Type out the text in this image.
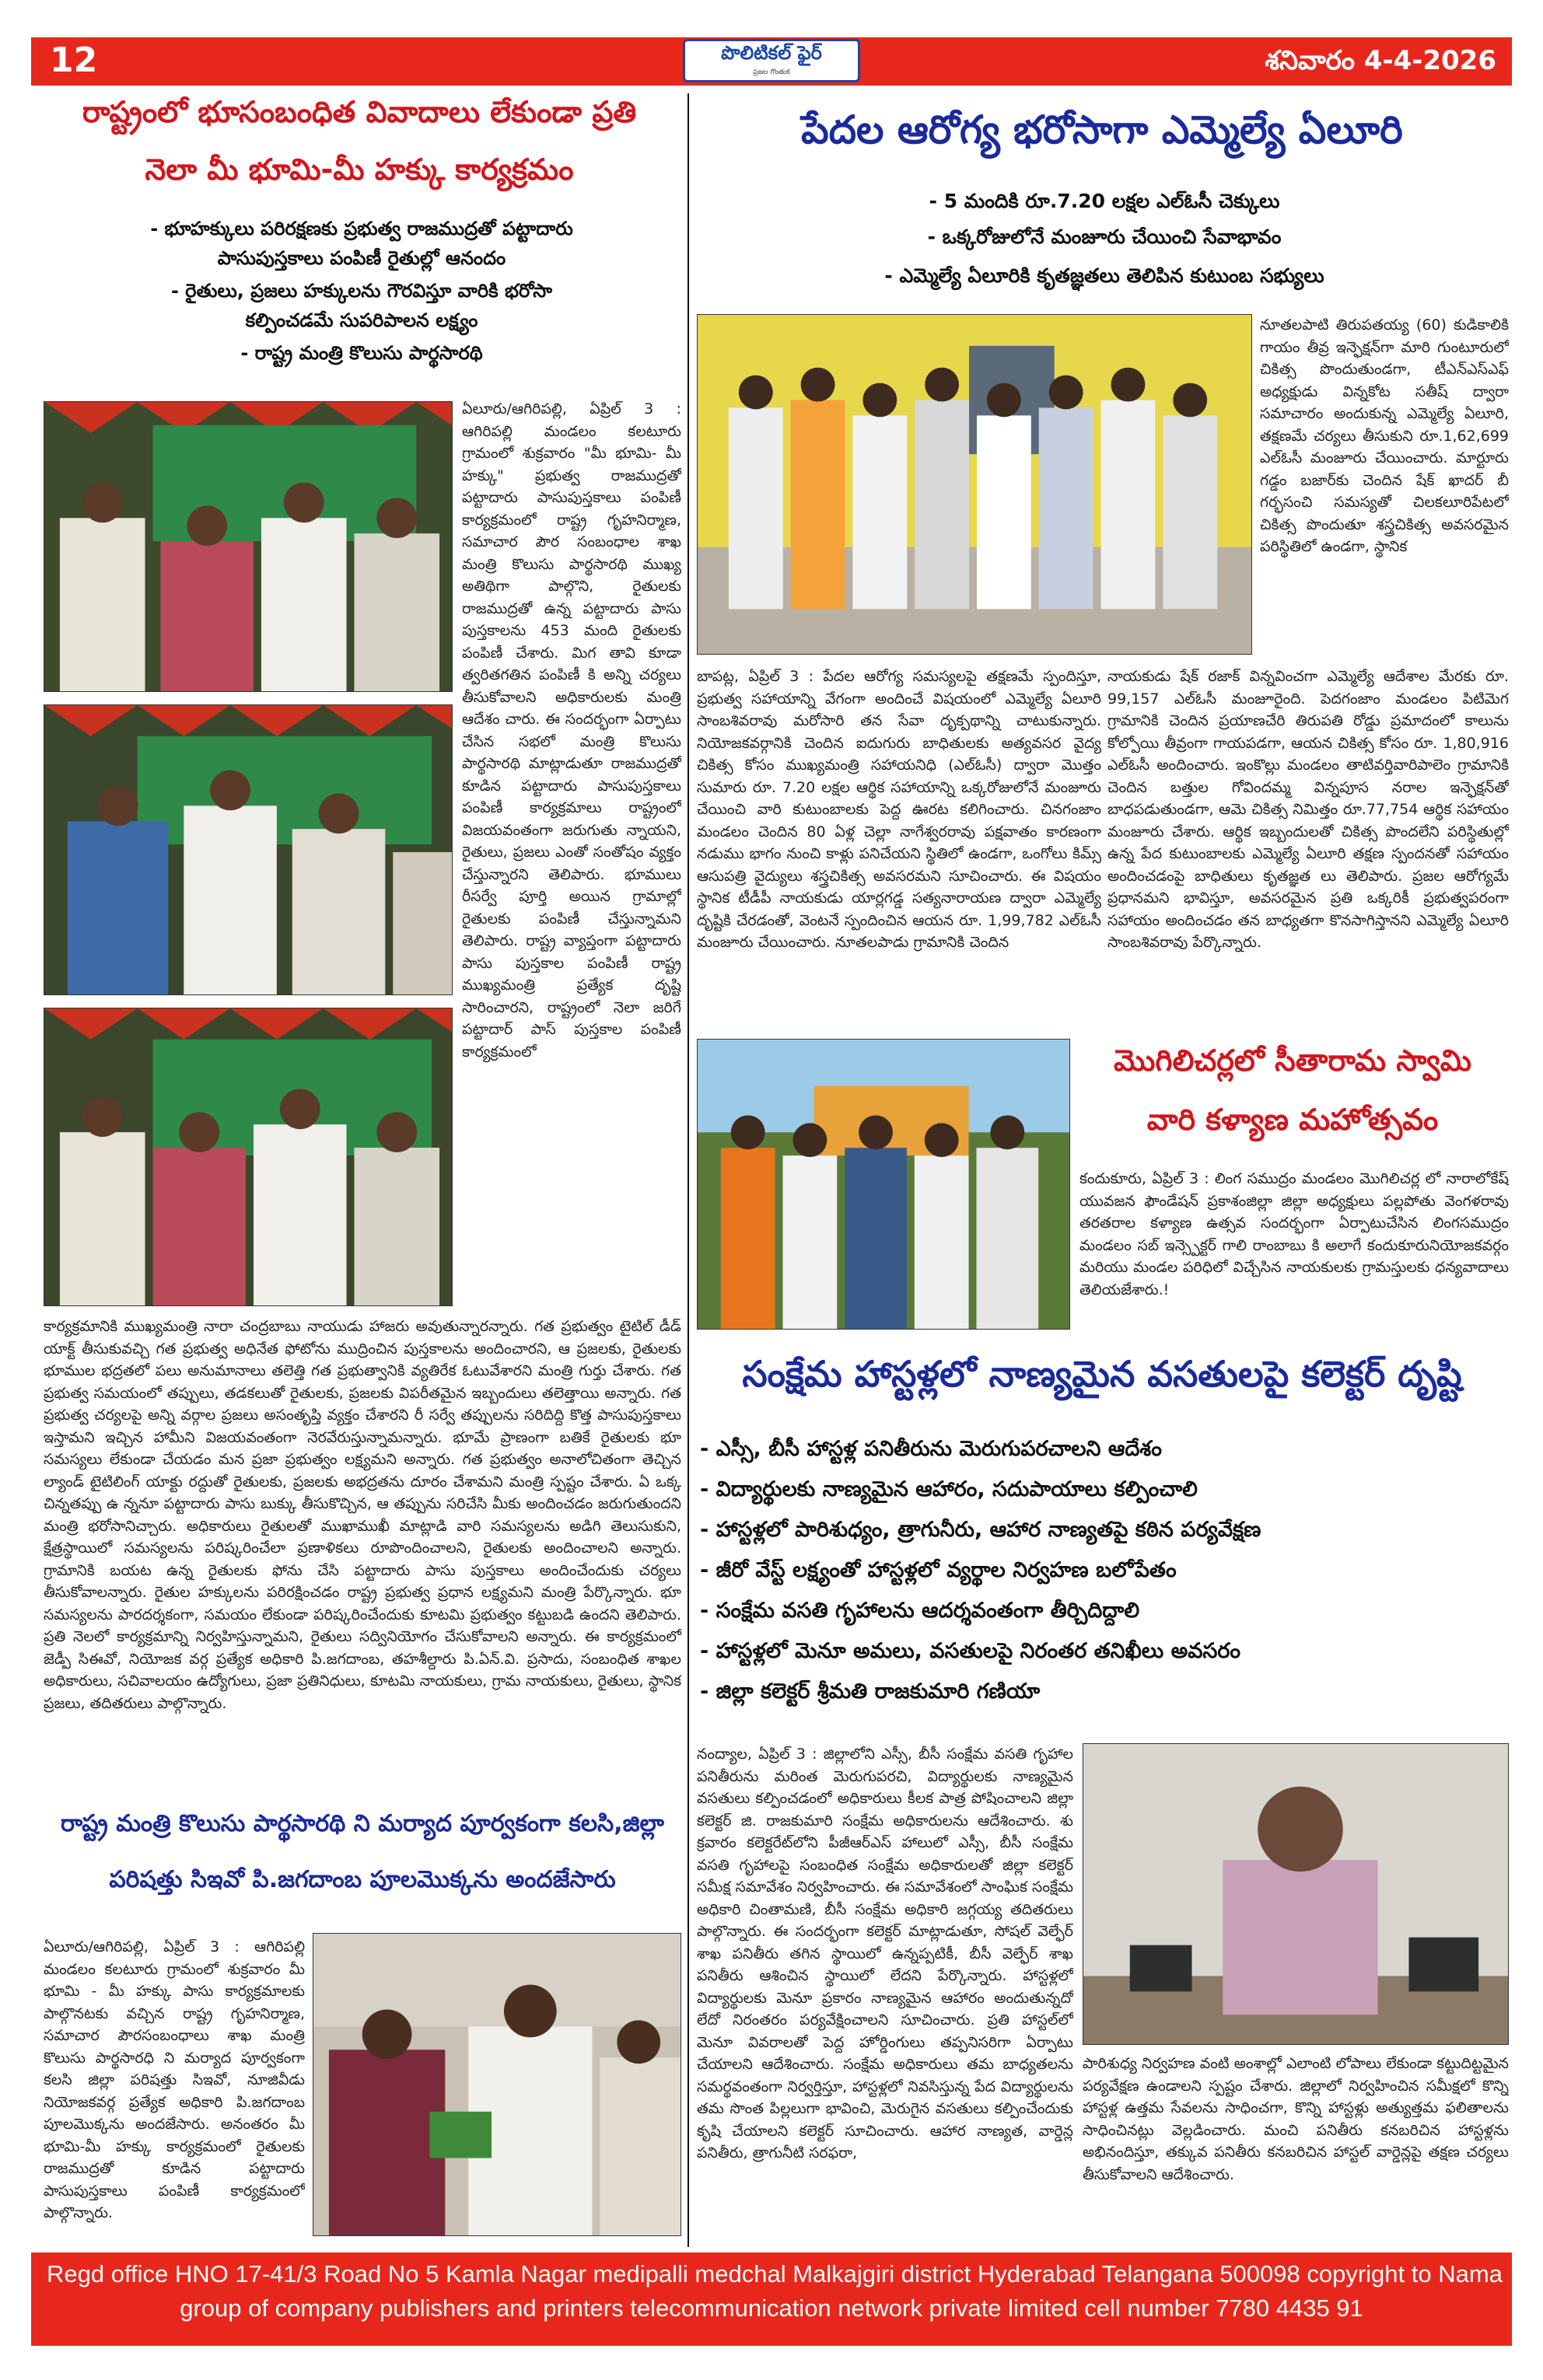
12	పొలిటికల్ ఫైర్
ప్రజల గొంతుక	శనివారం 4-4-2026
రాష్ట్రంలో భూసంబంధిత వివాదాలు లేకుండా ప్రతి
నెలా మీ భూమి-మీ హక్కు కార్యక్రమం
- భూహక్కులు పరిరక్షణకు ప్రభుత్వ రాజముద్రతో పట్టాదారు
పాసుపుస్తకాలు పంపిణీ రైతుల్లో ఆనందం
- రైతులు, ప్రజలు హక్కులను గౌరవిస్తూ వారికి భరోసా
కల్పించడమే సుపరిపాలన లక్ష్యం
- రాష్ట్ర మంత్రి కొలుసు పార్థసారథి
ఏలూరు/ఆగిరిపల్లి, ఏప్రిల్ 3 : ఆగిరిపల్లి మండలం కలటూరు గ్రామంలో శుక్రవారం "మీ భూమి- మీ హక్కు" ప్రభుత్వ రాజముద్రతో పట్టాదారు పాసుపుస్తకాలు పంపిణీ కార్యక్రమంలో రాష్ట్ర గృహనిర్మాణ, సమాచార పౌర సంబంధాల శాఖ మంత్రి కొలుసు పార్థసారథి ముఖ్య అతిథిగా పాల్గొని, రైతులకు రాజముద్రతో ఉన్న పట్టాదారు పాసు పుస్తకాలను 453 మంది రైతులకు పంపిణీ చేశారు. మిగ తావి కూడా త్వరితగతిన పంపిణీ కి అన్ని చర్యలు తీసుకోవాలని అధికారులకు మంత్రి ఆదేశం చారు. ఈ సందర్భంగా ఏర్పాటు చేసిన సభలో మంత్రి కొలుసు పార్థసారథి మాట్లాడుతూ రాజముద్రతో కూడిన పట్టాదారు పాసుపుస్తకాలు పంపిణీ కార్యక్రమాలు రాష్ట్రంలో విజయవంతంగా జరుగుతు న్నాయని, రైతులు, ప్రజలు ఎంతో సంతోషం వ్యక్తం చేస్తున్నారని తెలిపారు. భూములు రీసర్వే పూర్తి అయిన గ్రామాల్లో రైతులకు పంపిణీ చేస్తున్నామని తెలిపారు. రాష్ట్ర వ్యాప్తంగా పట్టాదారు పాసు పుస్తకాల పంపిణీ రాష్ట్ర ముఖ్యమంత్రి ప్రత్యేక దృష్టి సారించారని, రాష్ట్రంలో నెలా జరిగే పట్టాదార్ పాస్ పుస్తకాల పంపిణీ కార్యక్రమంలో
కార్యక్రమానికి ముఖ్యమంత్రి నారా చంద్రబాబు నాయుడు హాజరు అవుతున్నారన్నారు. గత ప్రభుత్వం టైటిల్ డీడ్ యాక్ట్ తీసుకువచ్చి గత ప్రభుత్వ అధినేత ఫోటోను ముద్రించిన పుస్తకాలను అందించారని, ఆ ప్రజలకు, రైతులకు భూముల భద్రతలో పలు అనుమానాలు తలెత్తి గత ప్రభుత్వానికి వ్యతిరేక ఓటువేశారని మంత్రి గుర్తు చేశారు. గత ప్రభుత్వ సమయంలో తప్పులు, తడకలుతో రైతులకు, ప్రజలకు విపరీతమైన ఇబ్బందులు తలెత్తాయి అన్నారు. గత ప్రభుత్వ చర్యలపై అన్ని వర్గాల ప్రజలు అసంతృప్తి వ్యక్తం చేశారని రీ సర్వే తప్పులను సరిదిద్ది కొత్త పాసుపుస్తకాలు ఇస్తామని ఇచ్చిన హామీని విజయవంతంగా నెరవేరుస్తున్నామన్నారు. భూమే ప్రాణంగా బతికే రైతులకు భూ సమస్యలు లేకుండా చేయడం మన ప్రజా ప్రభుత్వం లక్ష్యమని అన్నారు. గత ప్రభుత్వం అనాలోచితంగా తెచ్చిన ల్యాండ్ టైటిలింగ్ యాక్టు రద్దుతో రైతులకు, ప్రజలకు అభద్రతను దూరం చేశామని మంత్రి స్పష్టం చేశారు. ఏ ఒక్క చిన్నతప్పు ఉ న్ననూ పట్టాదారు పాసు బుక్కు తీసుకొచ్చిన, ఆ తప్పును సరిచేసి మీకు అందించడం జరుగుతుందని మంత్రి భరోసానిచ్చారు. అధికారులు రైతులతో ముఖాముఖీ మాట్లాడి వారి సమస్యలను అడిగి తెలుసుకుని, క్షేత్రస్థాయిలో సమస్యలను పరిష్కరించేలా ప్రణాళికలు రూపొందించాలని, రైతులకు అందించాలని అన్నారు. గ్రామానికి బయట ఉన్న రైతులకు ఫోను చేసి పట్టాదారు పాసు పుస్తకాలు అందించేందుకు చర్యలు తీసుకోవాలన్నారు. రైతుల హక్కులను పరిరక్షించడం రాష్ట్ర ప్రభుత్వ ప్రధాన లక్ష్యమని మంత్రి పేర్కొన్నారు. భూ సమస్యలను పారదర్శకంగా, సమయం లేకుండా పరిష్కరించేందుకు కూటమి ప్రభుత్వం కట్టుబడి ఉందని తెలిపారు. ప్రతి నెలలో కార్యక్రమాన్ని నిర్వహిస్తున్నామని, రైతులు సద్వినియోగం చేసుకోవాలని అన్నారు. ఈ కార్యక్రమంలో జెడ్పీ సిఈవో, నియోజక వర్గ ప్రత్యేక అధికారి పి.జగదాంబ, తహశీల్దారు పి.ఏన్.వి. ప్రసాదు, సంబంధిత శాఖల అధికారులు, సచివాలయం ఉద్యోగులు, ప్రజా ప్రతినిధులు, కూటమి నాయకులు, గ్రామ నాయకులు, రైతులు, స్థానిక ప్రజలు, తదితరులు పాల్గొన్నారు.
రాష్ట్ర మంత్రి కొలుసు పార్థసారథి ని మర్యాద పూర్వకంగా కలసి,జిల్లా
పరిషత్తు సిఇవో పి.జగదాంబ పూలమొక్కను అందజేసారు
ఏలూరు/ఆగిరిపల్లి, ఏప్రిల్ 3 : ఆగిరిపల్లి మండలం కలటూరు గ్రామంలో శుక్రవారం మీ భూమి - మీ హక్కు పాసు కార్యక్రమాలకు పాల్గొనటకు వచ్చిన రాష్ట్ర గృహనిర్మాణ, సమాచార పౌరసంబంధాలు శాఖ మంత్రి కొలుసు పార్థసారధి ని మర్యాద పూర్వకంగా కలసి జిల్లా పరిషత్తు సిఇవో, నూజివీడు నియోజకవర్గ ప్రత్యేక అధికారి పి.జగదాంబ పూలమొక్కను అందజేసారు. అనంతరం మీ భూమి-మీ హక్కు కార్యక్రమంలో రైతులకు రాజముద్రతో కూడిన పట్టాదారు పాసుపుస్తకాలు పంపిణీ కార్యక్రమంలో పాల్గొన్నారు.
పేదల ఆరోగ్య భరోసాగా ఎమ్మెల్యే ఏలూరి
- 5 మందికి రూ.7.20 లక్షల ఎల్ఓసీ చెక్కులు
- ఒక్కరోజులోనే మంజూరు చేయించి సేవాభావం
- ఎమ్మెల్యే ఏలూరికి కృతజ్ఞతలు తెలిపిన కుటుంబ సభ్యులు
నూతలపాటి తిరుపతయ్య (60) కుడికాలికి గాయం తీవ్ర ఇన్ఫెక్షన్‌గా మారి గుంటూరులో చికిత్స పొందుతుండగా, టీఎన్ఎస్ఎఫ్ అధ్యక్షుడు విన్నకోట సతీష్ ద్వారా సమాచారం అందుకున్న ఎమ్మెల్యే ఏలూరి, తక్షణమే చర్యలు తీసుకుని రూ.1,62,699 ఎల్ఓసీ మంజూరు చేయించారు. మార్టూరు గడ్డం బజార్‌కు చెందిన షేక్ ఖాదర్ బీ గర్భసంచి సమస్యతో చిలకలూరిపేటలో చికిత్స పొందుతూ శస్త్రచికిత్స అవసరమైన పరిస్థితిలో ఉండగా, స్థానిక
బాపట్ల, ఏప్రిల్ 3 : పేదల ఆరోగ్య సమస్యలపై తక్షణమే స్పందిస్తూ, ప్రభుత్వ సహాయాన్ని వేగంగా అందించే విషయంలో ఎమ్మెల్యే ఏలూరి సాంబశివరావు మరోసారి తన సేవా దృక్పథాన్ని చాటుకున్నారు. నియోజకవర్గానికి చెందిన ఐదుగురు బాధితులకు అత్యవసర వైద్య చికిత్స కోసం ముఖ్యమంత్రి సహాయనిధి (ఎల్ఓసీ) ద్వారా మొత్తం సుమారు రూ. 7.20 లక్షల ఆర్థిక సహాయాన్ని ఒక్కరోజులోనే మంజూరు చేయించి వారి కుటుంబాలకు పెద్ద ఊరట కలిగించారు. చినగంజాం మండలం చెందిన 80 ఏళ్ల చెల్లా నాగేశ్వరరావు పక్షవాతం కారణంగా నడుము భాగం నుంచి కాళ్లు పనిచేయని స్థితిలో ఉండగా, ఒంగోలు కిమ్స్ ఆసుపత్రి వైద్యులు శస్త్రచికిత్స అవసరమని సూచించారు. ఈ విషయం స్థానిక టీడీపీ నాయకుడు యార్లగడ్డ సత్యనారాయణ ద్వారా ఎమ్మెల్యే దృష్టికి చేరడంతో, వెంటనే స్పందించిన ఆయన రూ. 1,99,782 ఎల్ఓసీ మంజూరు చేయించారు. నూతలపాడు గ్రామానికి చెందిన
నాయకుడు షేక్ రజాక్ విన్నవించగా ఎమ్మెల్యే ఆదేశాల మేరకు రూ. 99,157 ఎల్ఓసీ మంజూరైంది. పెదగంజాం మండలం పిటిమెగ గ్రామానికి చెందిన ప్రయాణచేరి తిరుపతి రోడ్డు ప్రమాదంలో కాలును కోల్పోయి తీవ్రంగా గాయపడగా, ఆయన చికిత్స కోసం రూ. 1,80,916 ఎల్ఓసీ అందించారు. ఇంకొల్లు మండలం తాటివర్తివారిపాలెం గ్రామానికి చెందిన బత్తుల గోవిందమ్మ విన్నపూస నరాల ఇన్ఫెక్షన్‌తో బాధపడుతుండగా, ఆమె చికిత్స నిమిత్తం రూ.77,754 ఆర్థిక సహాయం మంజూరు చేశారు. ఆర్థిక ఇబ్బందులతో చికిత్స పొందలేని పరిస్థితుల్లో ఉన్న పేద కుటుంబాలకు ఎమ్మెల్యే ఏలూరి తక్షణ స్పందనతో సహాయం అందించడంపై బాధితులు కృతజ్ఞత లు తెలిపారు. ప్రజల ఆరోగ్యమే ప్రధానమని భావిస్తూ, అవసరమైన ప్రతి ఒక్కరికీ ప్రభుత్వపరంగా సహాయం అందించడం తన బాధ్యతగా కొనసాగిస్తానని ఎమ్మెల్యే ఏలూరి సాంబశివరావు పేర్కొన్నారు.
మొగిలిచర్లలో సీతారామ స్వామి
వారి కళ్యాణ మహోత్సవం
కందుకూరు, ఏప్రిల్ 3 : లింగ సముద్రం మండలం మొగిలిచర్ల లో నారాలోకేష్ యువజన ఫౌండేషన్ ప్రకాశంజిల్లా జిల్లా అధ్యక్షులు పల్లపోతు వెంగళరావు తరతరాల కళ్యాణ ఉత్సవ సందర్భంగా ఏర్పాటుచేసిన లింగసముద్రం మండలం సబ్ ఇన్స్పెక్టర్ గాలి రాంబాబు కి అలాగే కందుకూరునియోజకవర్గం మరియు మండల పరిధిలో విచ్చేసిన నాయకులకు గ్రామస్తులకు ధన్యవాదాలు తెలియజేశారు.!
సంక్షేమ హాస్టళ్లలో నాణ్యమైన వసతులపై కలెక్టర్ దృష్టి
- ఎస్సీ, బీసీ హాస్టళ్ల పనితీరును మెరుగుపరచాలని ఆదేశం
- విద్యార్థులకు నాణ్యమైన ఆహారం, సదుపాయాలు కల్పించాలి
- హాస్టళ్లలో పారిశుధ్యం, త్రాగునీరు, ఆహార నాణ్యతపై కఠిన పర్యవేక్షణ
- జీరో వేస్ట్ లక్ష్యంతో హాస్టళ్లలో వ్యర్థాల నిర్వహణ బలోపేతం
- సంక్షేమ వసతి గృహాలను ఆదర్శవంతంగా తీర్చిదిద్దాలి
- హాస్టళ్లలో మెనూ అమలు, వసతులపై నిరంతర తనిఖీలు అవసరం
- జిల్లా కలెక్టర్ శ్రీమతి రాజకుమారి గణియా
నంద్యాల, ఏప్రిల్ 3 : జిల్లాలోని ఎస్సీ, బీసీ సంక్షేమ వసతి గృహాల పనితీరును మరింత మెరుగుపరచి, విద్యార్థులకు నాణ్యమైన వసతులు కల్పించడంలో అధికారులు కీలక పాత్ర పోషించాలని జిల్లా కలెక్టర్ జి. రాజకుమారి సంక్షేమ అధికారులను ఆదేశించారు. శు క్రవారం కలెక్టరేట్‌లోని పీజీఆర్ఎస్ హాలులో ఎస్సీ, బీసీ సంక్షేమ వసతి గృహాలపై సంబంధిత సంక్షేమ అధికారులతో జిల్లా కలెక్టర్ సమీక్ష సమావేశం నిర్వహించారు. ఈ సమావేశంలో సాంఘిక సంక్షేమ అధికారి చింతామణి, బీసీ సంక్షేమ అధికారి జగ్గయ్య తదితరులు పాల్గొన్నారు. ఈ సందర్భంగా కలెక్టర్ మాట్లాడుతూ, సోషల్ వెల్ఫేర్ శాఖ పనితీరు తగిన స్థాయిలో ఉన్నప్పటికీ, బీసీ వెల్ఫేర్ శాఖ పనితీరు ఆశించిన స్థాయిలో లేదని పేర్కొన్నారు. హాస్టళ్లలో విద్యార్థులకు మెనూ ప్రకారం నాణ్యమైన ఆహారం అందుతున్నదో లేదో నిరంతరం పర్యవేక్షించాలని సూచించారు. ప్రతి హాస్టల్‌లో మెనూ వివరాలతో పెద్ద హోర్డింగులు తప్పనిసరిగా ఏర్పాటు చేయాలని ఆదేశించారు. సంక్షేమ అధికారులు తమ బాధ్యతలను సమర్థవంతంగా నిర్వర్తిస్తూ, హాస్టళ్లలో నివసిస్తున్న పేద విద్యార్థులను తమ సొంత పిల్లలుగా భావించి, మెరుగైన వసతులు కల్పించేందుకు కృషి చేయాలని కలెక్టర్ సూచించారు. ఆహార నాణ్యత, వార్డెన్ల పనితీరు, త్రాగునీటి సరఫరా,
పారిశుధ్య నిర్వహణ వంటి అంశాల్లో ఎలాంటి లోపాలు లేకుండా కట్టుదిట్టమైన పర్యవేక్షణ ఉండాలని స్పష్టం చేశారు. జిల్లాలో నిర్వహించిన సమీక్షలో కొన్ని హాస్టళ్ల ఉత్తమ సేవలను సాధించగా, కొన్ని హాస్టళ్లు అత్యుత్తమ ఫలితాలను సాధించినట్లు వెల్లడించారు. మంచి పనితీరు కనబరిచిన హాస్టళ్లను అభినందిస్తూ, తక్కువ పనితీరు కనబరిచిన హాస్టల్ వార్డెన్లపై తక్షణ చర్యలు తీసుకోవాలని ఆదేశించారు.
Regd office HNO 17-41/3 Road No 5 Kamla Nagar medipalli medchal Malkajgiri district Hyderabad Telangana 500098 copyright to Nama
group of company publishers and printers telecommunication network private limited cell number 7780 4435 91
